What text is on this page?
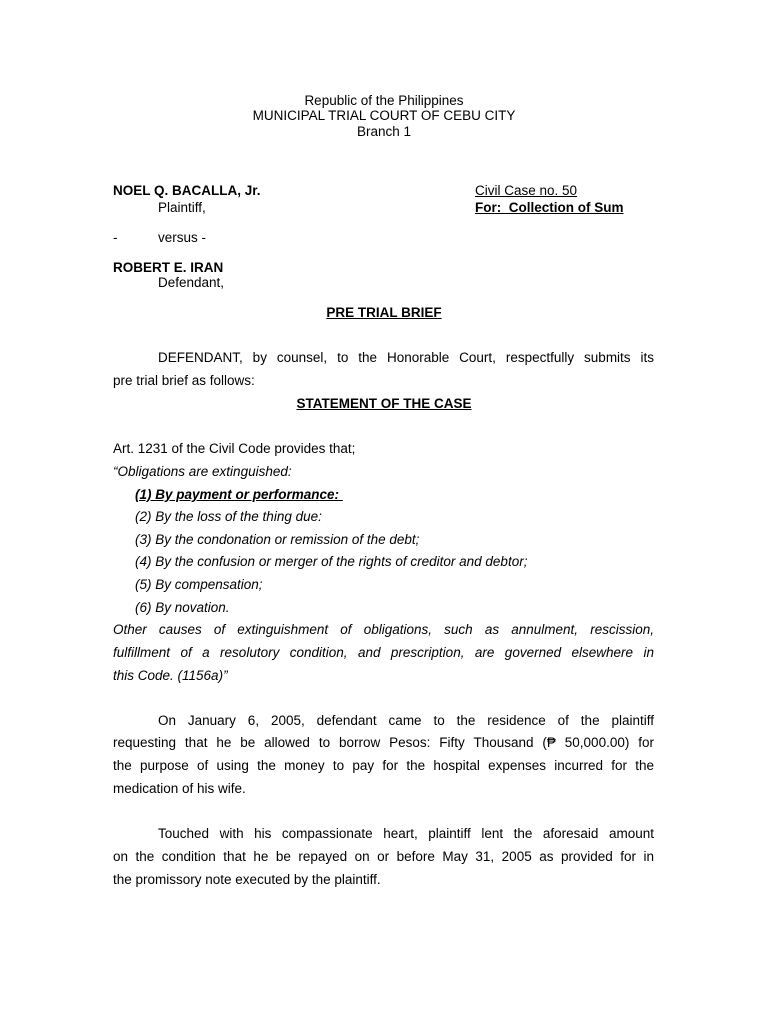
Republic of the Philippines
MUNICIPAL TRIAL COURT OF CEBU CITY
Branch 1
NOEL Q. BACALLA, Jr.
Plaintiff,
Civil Case no. 50
For:  Collection of Sum
-	versus -
ROBERT E. IRAN
Defendant,
PRE TRIAL BRIEF
DEFENDANT, by counsel, to the Honorable Court, respectfully submits its
pre trial brief as follows:
STATEMENT OF THE CASE
Art. 1231 of the Civil Code provides that;
“Obligations are extinguished:
(1) By payment or performance:
(2) By the loss of the thing due:
(3) By the condonation or remission of the debt;
(4) By the confusion or merger of the rights of creditor and debtor;
(5) By compensation;
(6) By novation.
Other causes of extinguishment of obligations, such as annulment, rescission,
fulfillment of a resolutory condition, and prescription, are governed elsewhere in
this Code. (1156a)”
On January 6, 2005, defendant came to the residence of the plaintiff
requesting that he be allowed to borrow Pesos: Fifty Thousand (₱ 50,000.00) for
the purpose of using the money to pay for the hospital expenses incurred for the
medication of his wife.
Touched with his compassionate heart, plaintiff lent the aforesaid amount
on the condition that he be repayed on or before May 31, 2005 as provided for in
the promissory note executed by the plaintiff.
